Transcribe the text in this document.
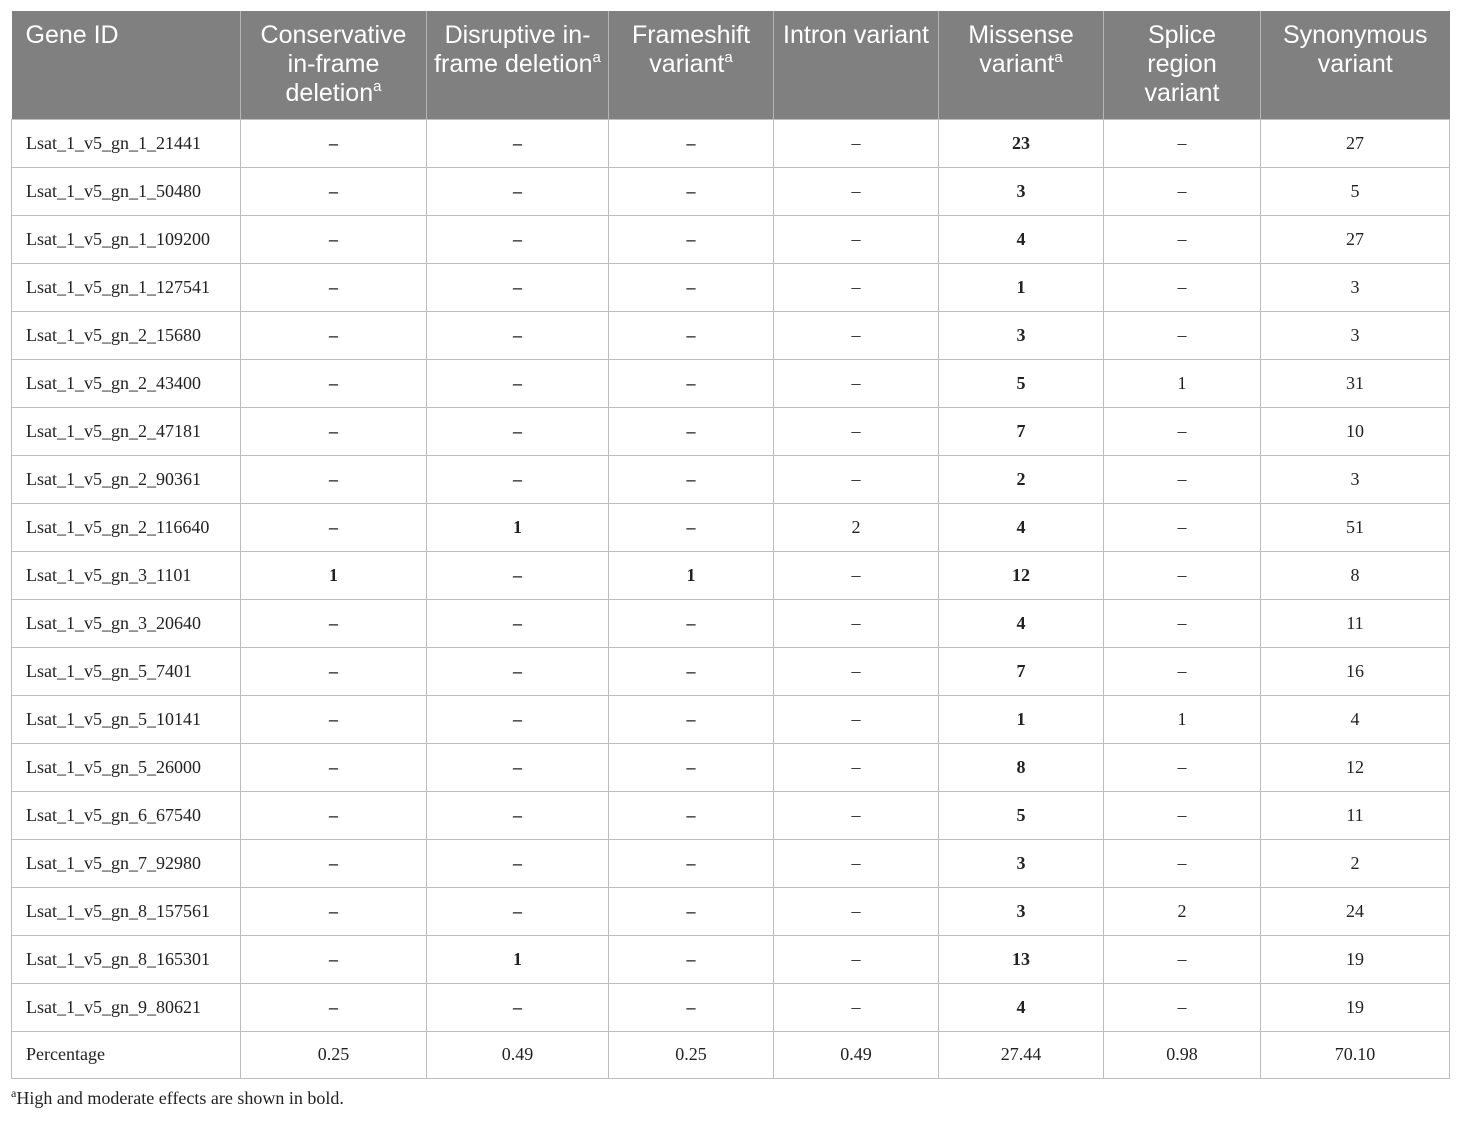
Gene ID	Conservative in-frame deletion$^a$	Disruptive in-frame deletion$^a$	Frameshift variant$^a$	Intron variant	Missense variant$^a$	Splice region variant	Synonymous variant
Lsat_1_v5_gn_1_21441	–	–	–	–	23	–	27
Lsat_1_v5_gn_1_50480	–	–	–	–	3	–	5
Lsat_1_v5_gn_1_109200	–	–	–	–	4	–	27
Lsat_1_v5_gn_1_127541	–	–	–	–	1	–	3
Lsat_1_v5_gn_2_15680	–	–	–	–	3	–	3
Lsat_1_v5_gn_2_43400	–	–	–	–	5	1	31
Lsat_1_v5_gn_2_47181	–	–	–	–	7	–	10
Lsat_1_v5_gn_2_90361	–	–	–	–	2	–	3
Lsat_1_v5_gn_2_116640	–	1	–	2	4	–	51
Lsat_1_v5_gn_3_1101	1	–	1	–	12	–	8
Lsat_1_v5_gn_3_20640	–	–	–	–	4	–	11
Lsat_1_v5_gn_5_7401	–	–	–	–	7	–	16
Lsat_1_v5_gn_5_10141	–	–	–	–	1	1	4
Lsat_1_v5_gn_5_26000	–	–	–	–	8	–	12
Lsat_1_v5_gn_6_67540	–	–	–	–	5	–	11
Lsat_1_v5_gn_7_92980	–	–	–	–	3	–	2
Lsat_1_v5_gn_8_157561	–	–	–	–	3	2	24
Lsat_1_v5_gn_8_165301	–	1	–	–	13	–	19
Lsat_1_v5_gn_9_80621	–	–	–	–	4	–	19
Percentage	0.25	0.49	0.25	0.49	27.44	0.98	70.10
$^a$High and moderate effects are shown in bold.
